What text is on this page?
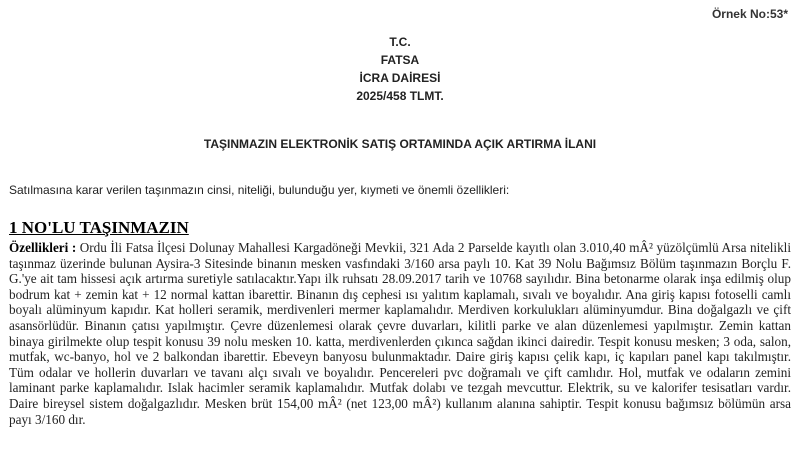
Örnek No:53*
T.C.
FATSA
İCRA DAİRESİ
2025/458 TLMT.
TAŞINMAZIN ELEKTRONİK SATIŞ ORTAMINDA AÇIK ARTIRMA İLANI
Satılmasına karar verilen taşınmazın cinsi, niteliği, bulunduğu yer, kıymeti ve önemli özellikleri:
1 NO'LU TAŞINMAZIN
Özellikleri : Ordu İli Fatsa İlçesi Dolunay Mahallesi Kargadöneği Mevkii, 321 Ada 2 Parselde kayıtlı olan 3.010,40 mÂ² yüzölçümlü Arsa nitelikli taşınmaz üzerinde bulunan Aysira-3 Sitesinde binanın mesken vasfındaki 3/160 arsa paylı 10. Kat 39 Nolu Bağımsız Bölüm taşınmazın Borçlu F. G.'ye ait tam hissesi açık artırma suretiyle satılacaktır.Yapı ilk ruhsatı 28.09.2017 tarih ve 10768 sayılıdır. Bina betonarme olarak inşa edilmiş olup bodrum kat + zemin kat + 12 normal kattan ibarettir. Binanın dış cephesi ısı yalıtım kaplamalı, sıvalı ve boyalıdır. Ana giriş kapısı fotoselli camlı boyalı alüminyum kapıdır. Kat holleri seramik, merdivenleri mermer kaplamalıdır. Merdiven korkulukları alüminyumdur. Bina doğalgazlı ve çift asansörlüdür. Binanın çatısı yapılmıştır. Çevre düzenlemesi olarak çevre duvarları, kilitli parke ve alan düzenlemesi yapılmıştır. Zemin kattan binaya girilmekte olup tespit konusu 39 nolu mesken 10. katta, merdivenlerden çıkınca sağdan ikinci dairedir. Tespit konusu mesken; 3 oda, salon, mutfak, wc-banyo, hol ve 2 balkondan ibarettir. Ebeveyn banyosu bulunmaktadır. Daire giriş kapısı çelik kapı, iç kapıları panel kapı takılmıştır. Tüm odalar ve hollerin duvarları ve tavanı alçı sıvalı ve boyalıdır. Pencereleri pvc doğramalı ve çift camlıdır. Hol, mutfak ve odaların zemini laminant parke kaplamalıdır. Islak hacimler seramik kaplamalıdır. Mutfak dolabı ve tezgah mevcuttur. Elektrik, su ve kalorifer tesisatları vardır. Daire bireysel sistem doğalgazlıdır. Mesken brüt 154,00 mÂ² (net 123,00 mÂ²) kullanım alanına sahiptir. Tespit konusu bağımsız bölümün arsa payı 3/160 dır.
